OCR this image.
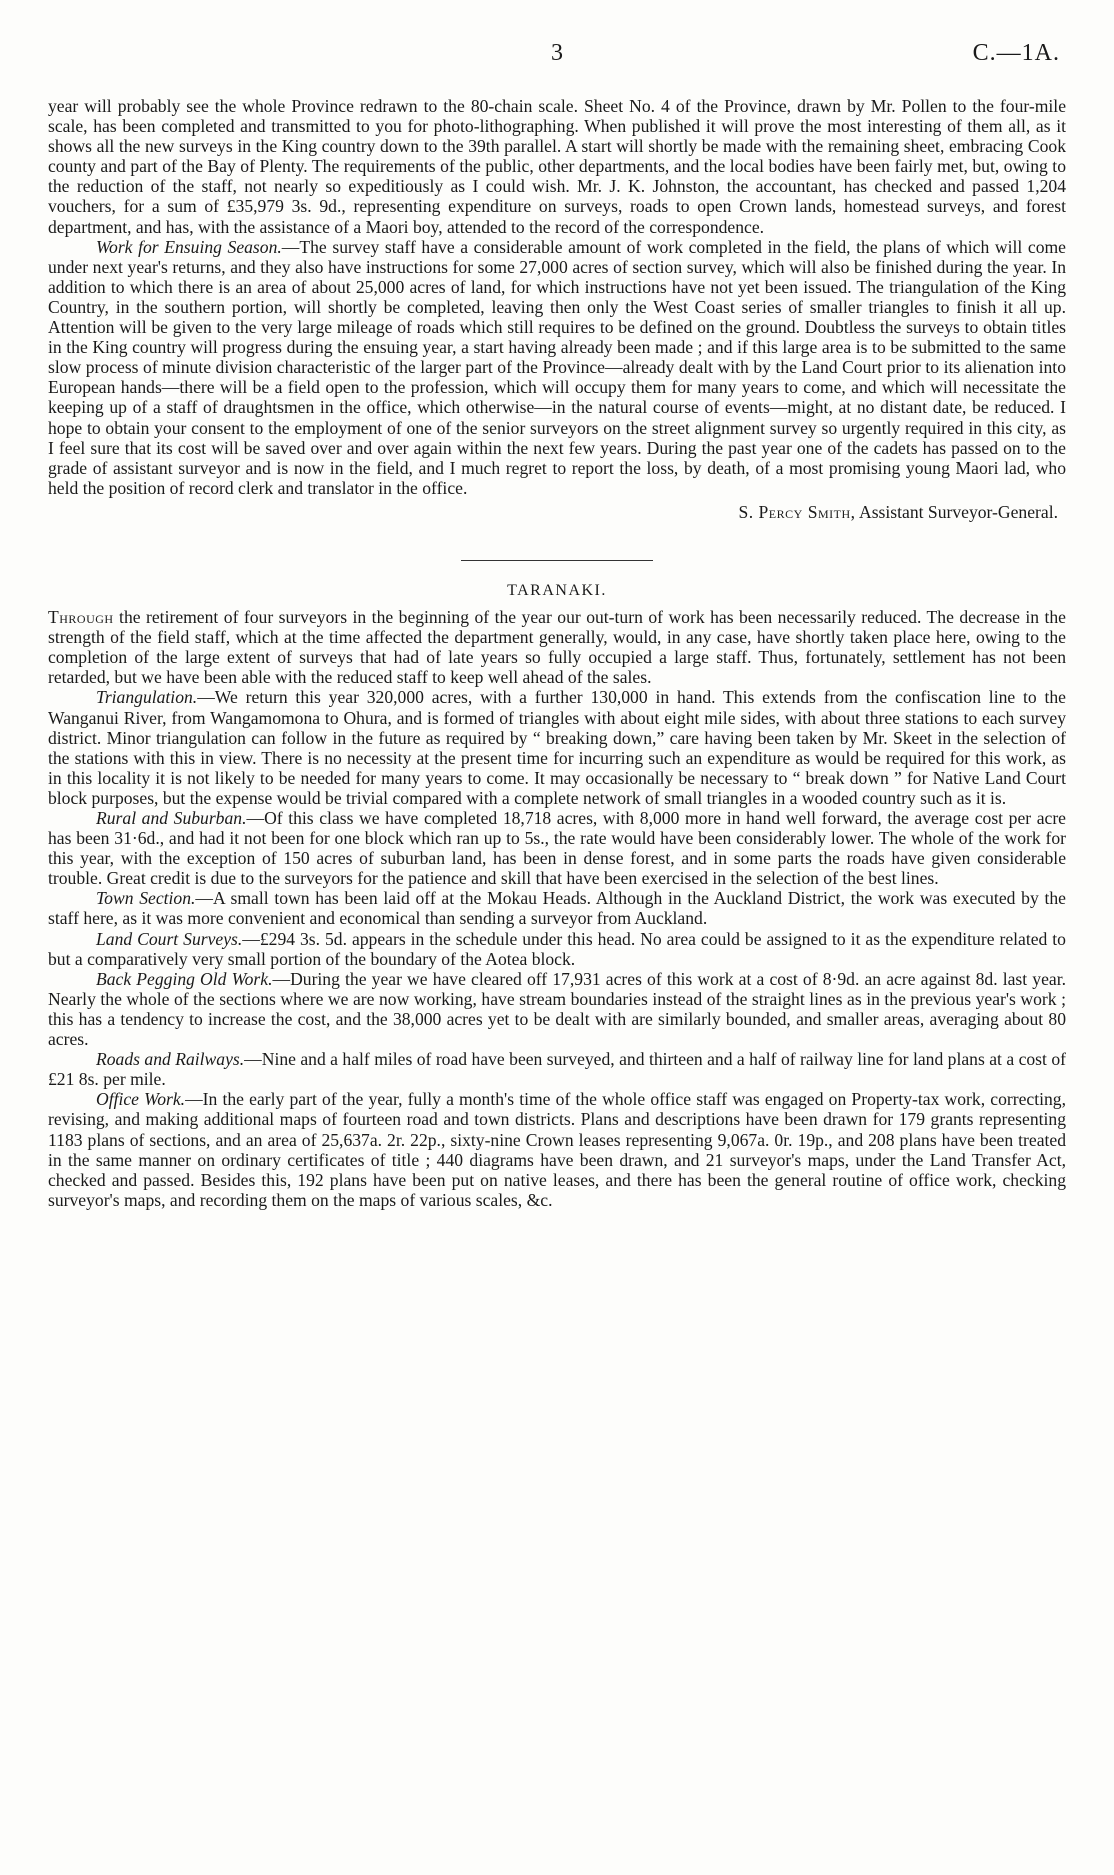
3	C.—1A.

year will probably see the whole Province redrawn to the 80-chain scale. Sheet No. 4 of the Province, drawn by Mr. Pollen to the four-mile scale, has been completed and transmitted to you for photo-lithographing. When published it will prove the most interesting of them all, as it shows all the new surveys in the King country down to the 39th parallel. A start will shortly be made with the remaining sheet, embracing Cook county and part of the Bay of Plenty. The requirements of the public, other departments, and the local bodies have been fairly met, but, owing to the reduction of the staff, not nearly so expeditiously as I could wish. Mr. J. K. Johnston, the accountant, has checked and passed 1,204 vouchers, for a sum of £35,979 3s. 9d., representing expenditure on surveys, roads to open Crown lands, homestead surveys, and forest department, and has, with the assistance of a Maori boy, attended to the record of the correspondence.

Work for Ensuing Season.—The survey staff have a considerable amount of work completed in the field, the plans of which will come under next year's returns, and they also have instructions for some 27,000 acres of section survey, which will also be finished during the year. In addition to which there is an area of about 25,000 acres of land, for which instructions have not yet been issued. The triangulation of the King Country, in the southern portion, will shortly be completed, leaving then only the West Coast series of smaller triangles to finish it all up. Attention will be given to the very large mileage of roads which still requires to be defined on the ground. Doubtless the surveys to obtain titles in the King country will progress during the ensuing year, a start having already been made ; and if this large area is to be submitted to the same slow process of minute division characteristic of the larger part of the Province—already dealt with by the Land Court prior to its alienation into European hands—there will be a field open to the profession, which will occupy them for many years to come, and which will necessitate the keeping up of a staff of draughtsmen in the office, which otherwise—in the natural course of events—might, at no distant date, be reduced. I hope to obtain your consent to the employment of one of the senior surveyors on the street alignment survey so urgently required in this city, as I feel sure that its cost will be saved over and over again within the next few years. During the past year one of the cadets has passed on to the grade of assistant surveyor and is now in the field, and I much regret to report the loss, by death, of a most promising young Maori lad, who held the position of record clerk and translator in the office.

S. Percy Smith, Assistant Surveyor-General.

TARANAKI.

Through the retirement of four surveyors in the beginning of the year our out-turn of work has been necessarily reduced. The decrease in the strength of the field staff, which at the time affected the department generally, would, in any case, have shortly taken place here, owing to the completion of the large extent of surveys that had of late years so fully occupied a large staff. Thus, fortunately, settlement has not been retarded, but we have been able with the reduced staff to keep well ahead of the sales.

Triangulation.—We return this year 320,000 acres, with a further 130,000 in hand. This extends from the confiscation line to the Wanganui River, from Wangamomona to Ohura, and is formed of triangles with about eight mile sides, with about three stations to each survey district. Minor triangulation can follow in the future as required by “ breaking down,” care having been taken by Mr. Skeet in the selection of the stations with this in view. There is no necessity at the present time for incurring such an expenditure as would be required for this work, as in this locality it is not likely to be needed for many years to come. It may occasionally be necessary to “ break down ” for Native Land Court block purposes, but the expense would be trivial compared with a complete network of small triangles in a wooded country such as it is.

Rural and Suburban.—Of this class we have completed 18,718 acres, with 8,000 more in hand well forward, the average cost per acre has been 31·6d., and had it not been for one block which ran up to 5s., the rate would have been considerably lower. The whole of the work for this year, with the exception of 150 acres of suburban land, has been in dense forest, and in some parts the roads have given considerable trouble. Great credit is due to the surveyors for the patience and skill that have been exercised in the selection of the best lines.

Town Section.—A small town has been laid off at the Mokau Heads. Although in the Auckland District, the work was executed by the staff here, as it was more convenient and economical than sending a surveyor from Auckland.

Land Court Surveys.—£294 3s. 5d. appears in the schedule under this head. No area could be assigned to it as the expenditure related to but a comparatively very small portion of the boundary of the Aotea block.

Back Pegging Old Work.—During the year we have cleared off 17,931 acres of this work at a cost of 8·9d. an acre against 8d. last year. Nearly the whole of the sections where we are now working, have stream boundaries instead of the straight lines as in the previous year's work ; this has a tendency to increase the cost, and the 38,000 acres yet to be dealt with are similarly bounded, and smaller areas, averaging about 80 acres.

Roads and Railways.—Nine and a half miles of road have been surveyed, and thirteen and a half of railway line for land plans at a cost of £21 8s. per mile.

Office Work.—In the early part of the year, fully a month's time of the whole office staff was engaged on Property-tax work, correcting, revising, and making additional maps of fourteen road and town districts. Plans and descriptions have been drawn for 179 grants representing 1183 plans of sections, and an area of 25,637a. 2r. 22p., sixty-nine Crown leases representing 9,067a. 0r. 19p., and 208 plans have been treated in the same manner on ordinary certificates of title ; 440 diagrams have been drawn, and 21 surveyor's maps, under the Land Transfer Act, checked and passed. Besides this, 192 plans have been put on native leases, and there has been the general routine of office work, checking surveyor's maps, and recording them on the maps of various scales, &c.
